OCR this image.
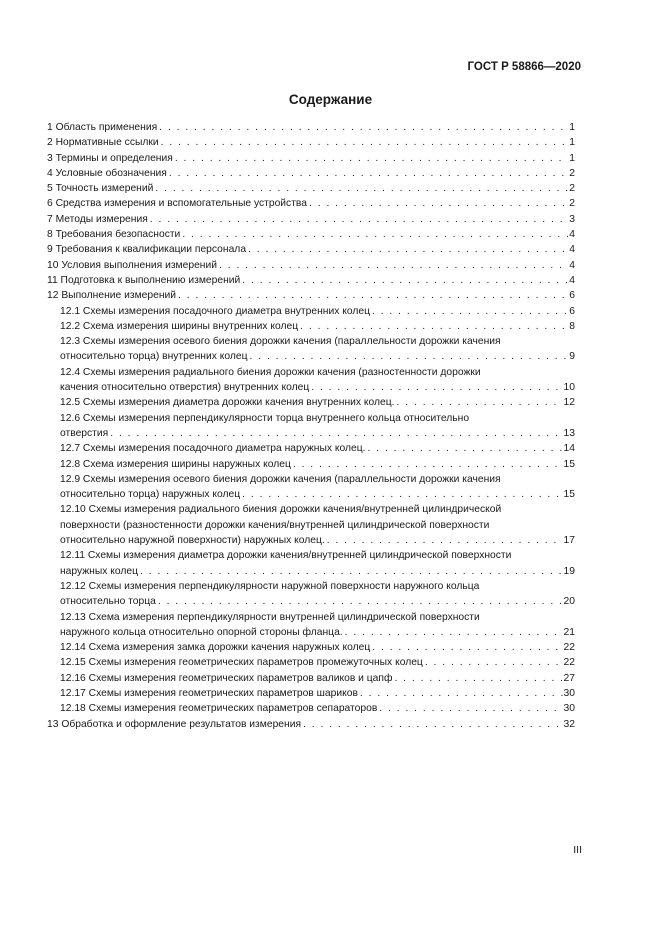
ГОСТ Р 58866—2020
Содержание
1 Область применения . . .	1
2 Нормативные ссылки . . .	1
3 Термины и определения . . .	1
4 Условные обозначения . . .	2
5 Точность измерений . . .	2
6 Средства измерения и вспомогательные устройства . . .	2
7 Методы измерения . . .	3
8 Требования безопасности . . .	4
9 Требования к квалификации персонала . . .	4
10 Условия выполнения измерений . . .	4
11 Подготовка к выполнению измерений . . .	4
12 Выполнение измерений . . .	6
12.1 Схемы измерения посадочного диаметра внутренних колец . . .	6
12.2 Схема измерения ширины внутренних колец . . .	8
12.3 Схемы измерения осевого биения дорожки качения (параллельности дорожки качения
относительно торца) внутренних колец . . .	9
12.4 Схемы измерения радиального биения дорожки качения (разностенности дорожки
качения относительно отверстия) внутренних колец . . .	10
12.5 Схемы измерения диаметра дорожки качения внутренних колец. . . .	12
12.6 Схемы измерения перпендикулярности торца внутреннего кольца относительно
отверстия . . .	13
12.7 Схемы измерения посадочного диаметра наружных колец. . . .	14
12.8 Схема измерения ширины наружных колец . . .	15
12.9 Схемы измерения осевого биения дорожки качения (параллельности дорожки качения
относительно торца) наружных колец . . .	15
12.10 Схемы измерения радиального биения дорожки качения/внутренней цилиндрической
поверхности (разностенности дорожки качения/внутренней цилиндрической поверхности
относительно наружной поверхности) наружных колец. . . .	17
12.11 Схемы измерения диаметра дорожки качения/внутренней цилиндрической поверхности
наружных колец . . .	19
12.12 Схемы измерения перпендикулярности наружной поверхности наружного кольца
относительно торца . . .	20
12.13 Схема измерения перпендикулярности внутренней цилиндрической поверхности
наружного кольца относительно опорной стороны фланца. . . .	21
12.14 Схема измерения замка дорожки качения наружных колец . . .	22
12.15 Схемы измерения геометрических параметров промежуточных колец . . .	22
12.16 Схемы измерения геометрических параметров валиков и цапф . . .	27
12.17 Схемы измерения геометрических параметров шариков . . .	30
12.18 Схемы измерения геометрических параметров сепараторов . . .	30
13 Обработка и оформление результатов измерения . . .	32
III
